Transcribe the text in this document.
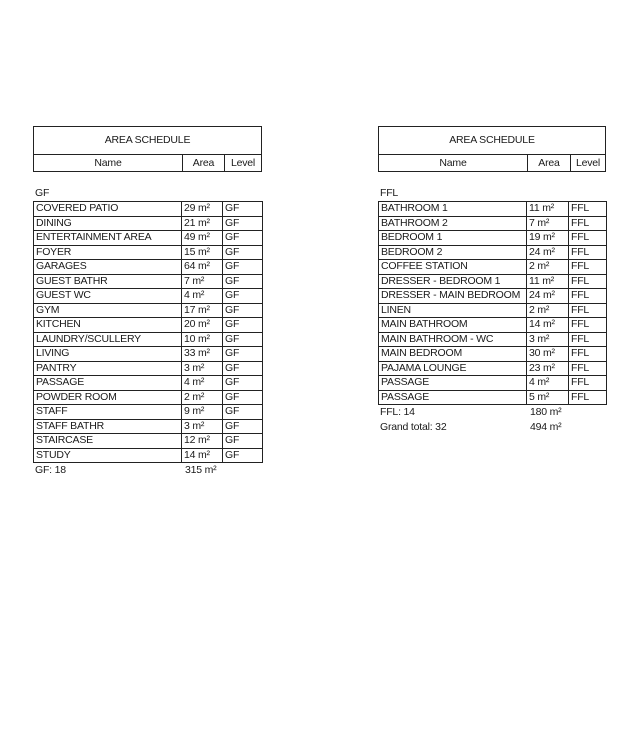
AREA SCHEDULE
Name	Area	Level
GF
COVERED PATIO	29 m²	GF
DINING	21 m²	GF
ENTERTAINMENT AREA	49 m²	GF
FOYER	15 m²	GF
GARAGES	64 m²	GF
GUEST BATHR	7 m²	GF
GUEST WC	4 m²	GF
GYM	17 m²	GF
KITCHEN	20 m²	GF
LAUNDRY/SCULLERY	10 m²	GF
LIVING	33 m²	GF
PANTRY	3 m²	GF
PASSAGE	4 m²	GF
POWDER ROOM	2 m²	GF
STAFF	9 m²	GF
STAFF BATHR	3 m²	GF
STAIRCASE	12 m²	GF
STUDY	14 m²	GF
GF: 18	315 m²
AREA SCHEDULE
Name	Area	Level
FFL
BATHROOM 1	11 m²	FFL
BATHROOM 2	7 m²	FFL
BEDROOM 1	19 m²	FFL
BEDROOM 2	24 m²	FFL
COFFEE STATION	2 m²	FFL
DRESSER - BEDROOM 1	11 m²	FFL
DRESSER - MAIN BEDROOM	24 m²	FFL
LINEN	2 m²	FFL
MAIN BATHROOM	14 m²	FFL
MAIN BATHROOM - WC	3 m²	FFL
MAIN BEDROOM	30 m²	FFL
PAJAMA LOUNGE	23 m²	FFL
PASSAGE	4 m²	FFL
PASSAGE	5 m²	FFL
FFL: 14	180 m²
Grand total: 32	494 m²
